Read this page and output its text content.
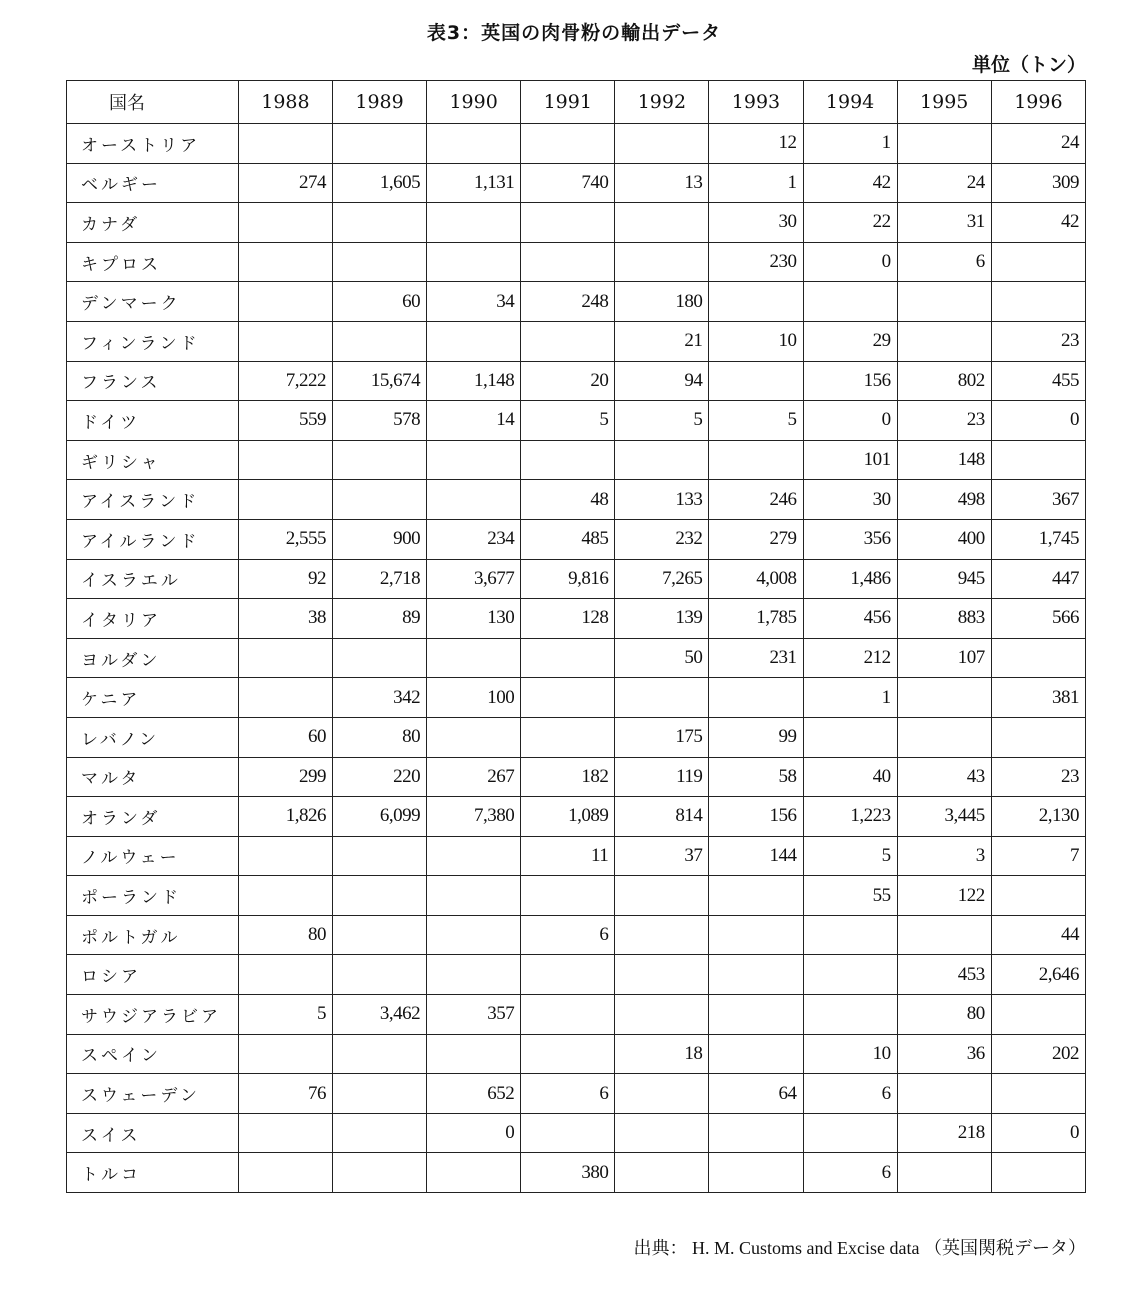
表3：英国の肉骨粉の輸出データ
単位（トン）
国名	1988	1989	1990	1991	1992	1993	1994	1995	1996
オーストリア						12	1		24
ベルギー	274	1,605	1,131	740	13	1	42	24	309
カナダ						30	22	31	42
キプロス						230	0	6	
デンマーク		60	34	248	180				
フィンランド					21	10	29		23
フランス	7,222	15,674	1,148	20	94		156	802	455
ドイツ	559	578	14	5	5	5	0	23	0
ギリシャ							101	148	
アイスランド				48	133	246	30	498	367
アイルランド	2,555	900	234	485	232	279	356	400	1,745
イスラエル	92	2,718	3,677	9,816	7,265	4,008	1,486	945	447
イタリア	38	89	130	128	139	1,785	456	883	566
ヨルダン					50	231	212	107	
ケニア		342	100				1		381
レバノン	60	80			175	99			
マルタ	299	220	267	182	119	58	40	43	23
オランダ	1,826	6,099	7,380	1,089	814	156	1,223	3,445	2,130
ノルウェー				11	37	144	5	3	7
ポーランド							55	122	
ポルトガル	80			6					44
ロシア								453	2,646
サウジアラビア	5	3,462	357					80	
スペイン					18		10	36	202
スウェーデン	76		652	6		64	6		
スイス			0					218	0
トルコ				380			6		
出典： H. M. Customs and Excise data （英国関税データ）
